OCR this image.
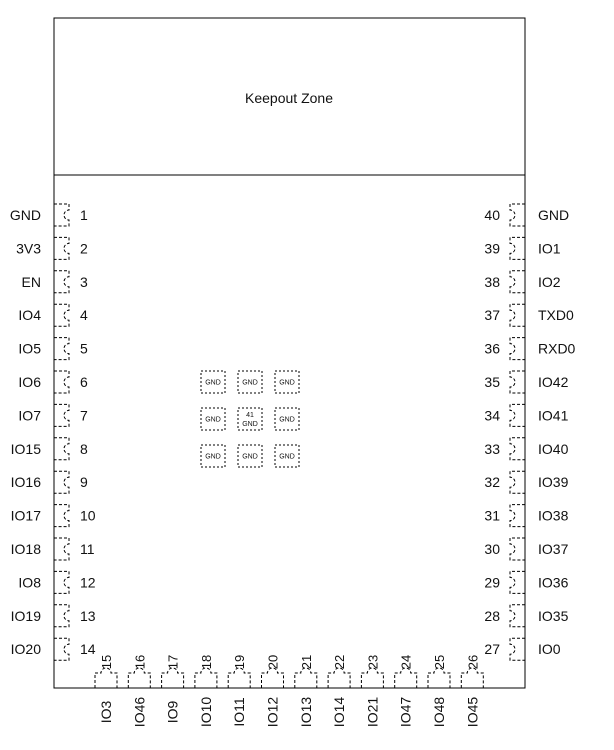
Keepout Zone
GND	1
3V3	2
EN	3
IO4	4
IO5	5
IO6	6
IO7	7
IO15	8
IO16	9
IO17	10
IO18	11
IO8	12
IO19	13
IO20	14
40	GND
39	IO1
38	IO2
37	TXD0
36	RXD0
35	IO42
34	IO41
33	IO40
32	IO39
31	IO38
30	IO37
29	IO36
28	IO35
27	IO0
15
IO3
16
IO46
17
IO9
18
IO10
19
IO11
20
IO12
21
IO13
22
IO14
23
IO21
24
IO47
25
IO48
26
IO45
GND	GND	GND
GND
41
GND
GND
GND	GND	GND
